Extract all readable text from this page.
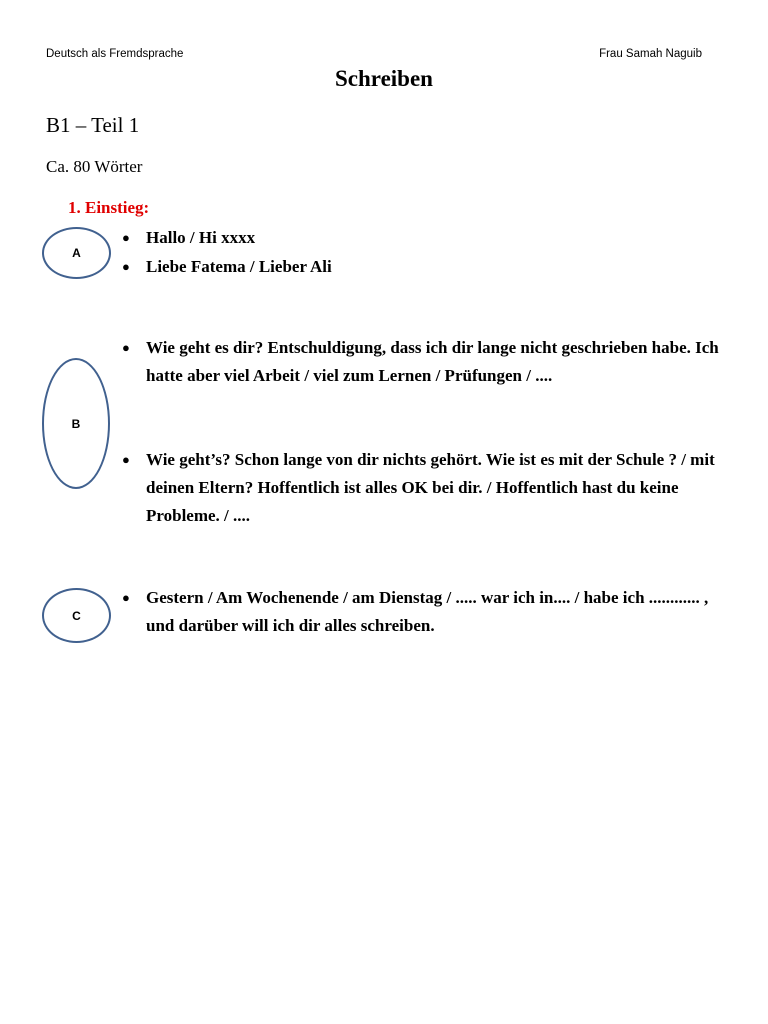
Deutsch als Fremdsprache	Frau Samah Naguib
Schreiben
B1 – Teil 1
Ca. 80 Wörter
1. Einstieg:
A
B
C
● Hallo / Hi xxxx
● Liebe Fatema / Lieber Ali
● Wie geht es dir? Entschuldigung, dass ich dir lange nicht geschrieben habe. Ich hatte aber viel Arbeit / viel zum Lernen / Prüfungen / ....
● Wie geht’s? Schon lange von dir nichts gehört. Wie ist es mit der Schule ? / mit deinen Eltern? Hoffentlich ist alles OK bei dir. / Hoffentlich hast du keine Probleme. / ....
● Gestern / Am Wochenende / am Dienstag / ..... war ich in.... / habe ich ............ , und darüber will ich dir alles schreiben.
